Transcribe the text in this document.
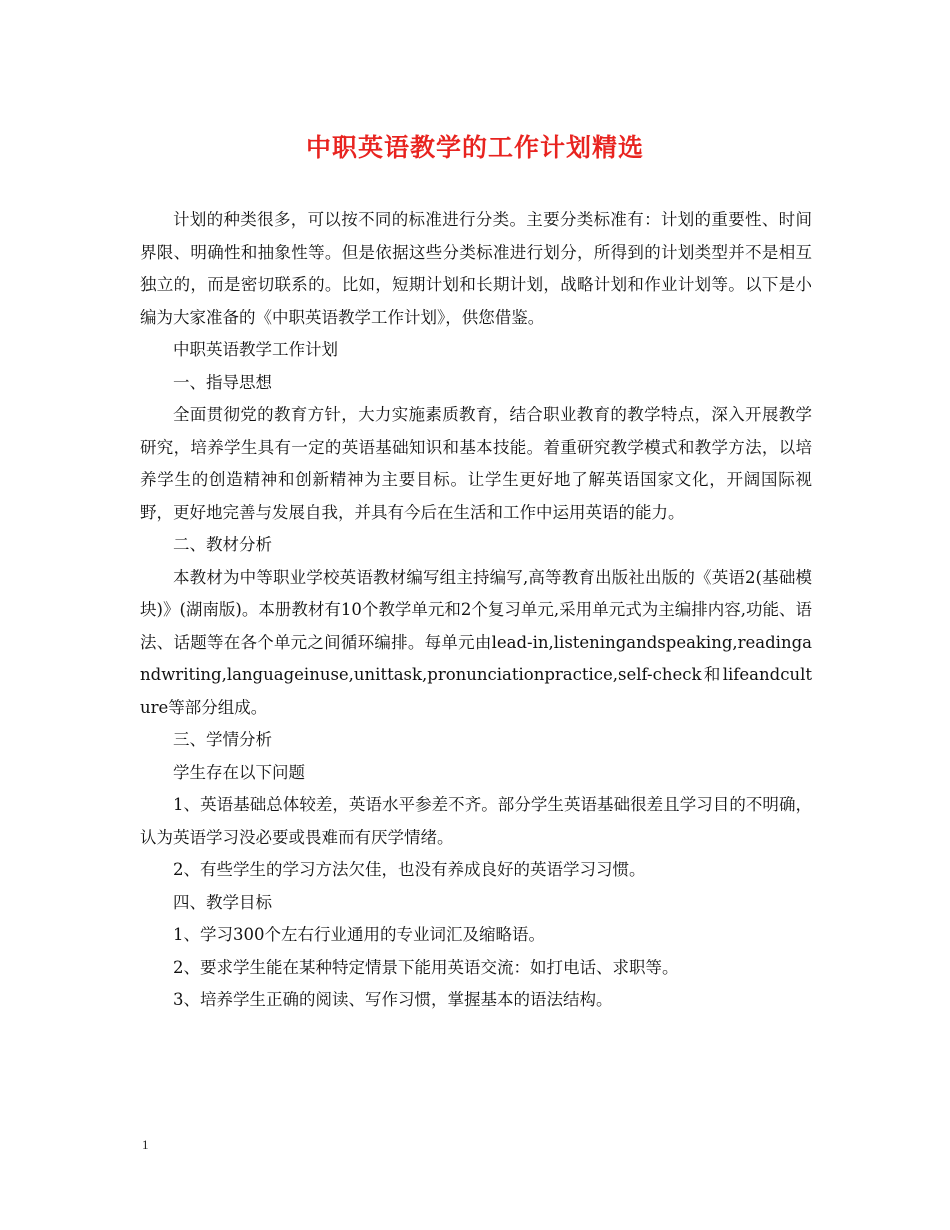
中职英语教学的工作计划精选

计划的种类很多，可以按不同的标准进行分类。主要分类标准有：计划的重要性、时间界限、明确性和抽象性等。但是依据这些分类标准进行划分，所得到的计划类型并不是相互独立的，而是密切联系的。比如，短期计划和长期计划，战略计划和作业计划等。以下是小编为大家准备的《中职英语教学工作计划》，供您借鉴。

中职英语教学工作计划

一、指导思想

全面贯彻党的教育方针，大力实施素质教育，结合职业教育的教学特点，深入开展教学研究，培养学生具有一定的英语基础知识和基本技能。着重研究教学模式和教学方法，以培养学生的创造精神和创新精神为主要目标。让学生更好地了解英语国家文化，开阔国际视野，更好地完善与发展自我，并具有今后在生活和工作中运用英语的能力。

二、教材分析

本教材为中等职业学校英语教材编写组主持编写,高等教育出版社出版的《英语2(基础模块)》(湖南版)。本册教材有10个教学单元和2个复习单元,采用单元式为主编排内容,功能、语法、话题等在各个单元之间循环编排。每单元由lead-in,listeningandspeaking,readingandwriting,languageinuse,unittask,pronunciationpractice,self-check和lifeandculture等部分组成。

三、学情分析

学生存在以下问题

1、英语基础总体较差，英语水平参差不齐。部分学生英语基础很差且学习目的不明确，认为英语学习没必要或畏难而有厌学情绪。

2、有些学生的学习方法欠佳，也没有养成良好的英语学习习惯。

四、教学目标

1、学习300个左右行业通用的专业词汇及缩略语。

2、要求学生能在某种特定情景下能用英语交流：如打电话、求职等。

3、培养学生正确的阅读、写作习惯，掌握基本的语法结构。

1
